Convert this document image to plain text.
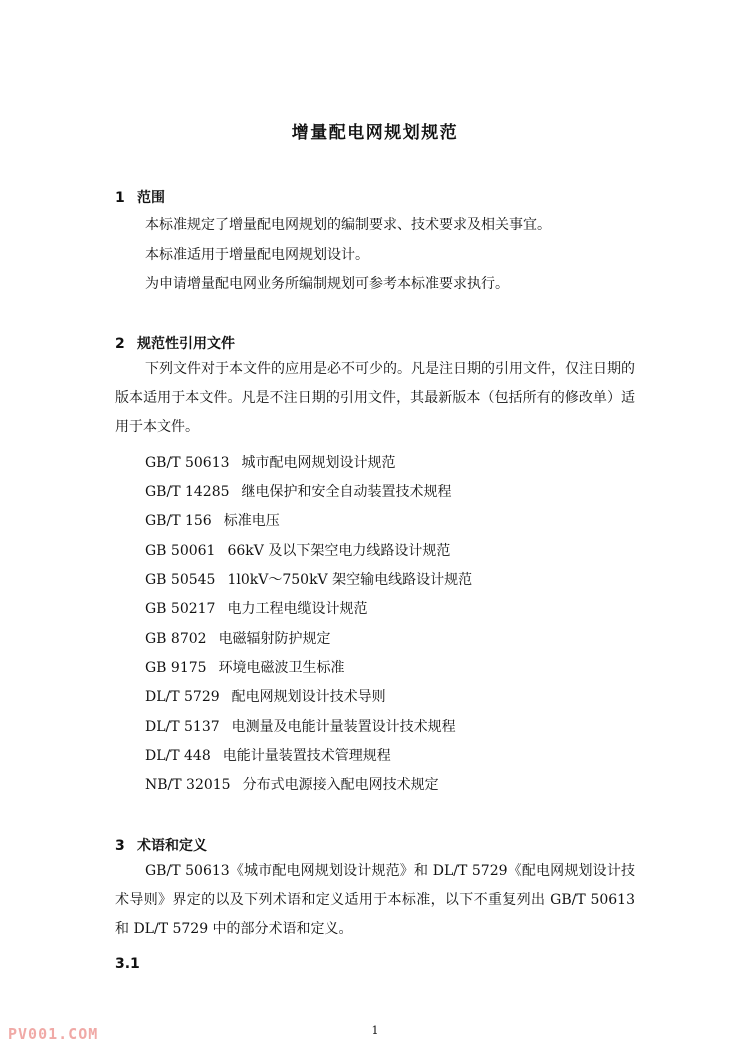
增量配电网规划规范
1 范围
本标准规定了增量配电网规划的编制要求、技术要求及相关事宜。
本标准适用于增量配电网规划设计。
为申请增量配电网业务所编制规划可参考本标准要求执行。
2 规范性引用文件
下列文件对于本文件的应用是必不可少的。凡是注日期的引用文件，仅注日期的版本适用于本文件。凡是不注日期的引用文件，其最新版本（包括所有的修改单）适用于本文件。
GB/T 50613 城市配电网规划设计规范
GB/T 14285 继电保护和安全自动装置技术规程
GB/T 156 标准电压
GB 50061 66kV 及以下架空电力线路设计规范
GB 50545 1l0kV～750kV 架空输电线路设计规范
GB 50217 电力工程电缆设计规范
GB 8702 电磁辐射防护规定
GB 9175 环境电磁波卫生标准
DL/T 5729 配电网规划设计技术导则
DL/T 5137 电测量及电能计量装置设计技术规程
DL/T 448 电能计量装置技术管理规程
NB/T 32015 分布式电源接入配电网技术规定
3 术语和定义
GB/T 50613《城市配电网规划设计规范》和 DL/T 5729《配电网规划设计技术导则》界定的以及下列术语和定义适用于本标准，以下不重复列出 GB/T 50613 和 DL/T 5729 中的部分术语和定义。
3.1
1
PV001.COM
